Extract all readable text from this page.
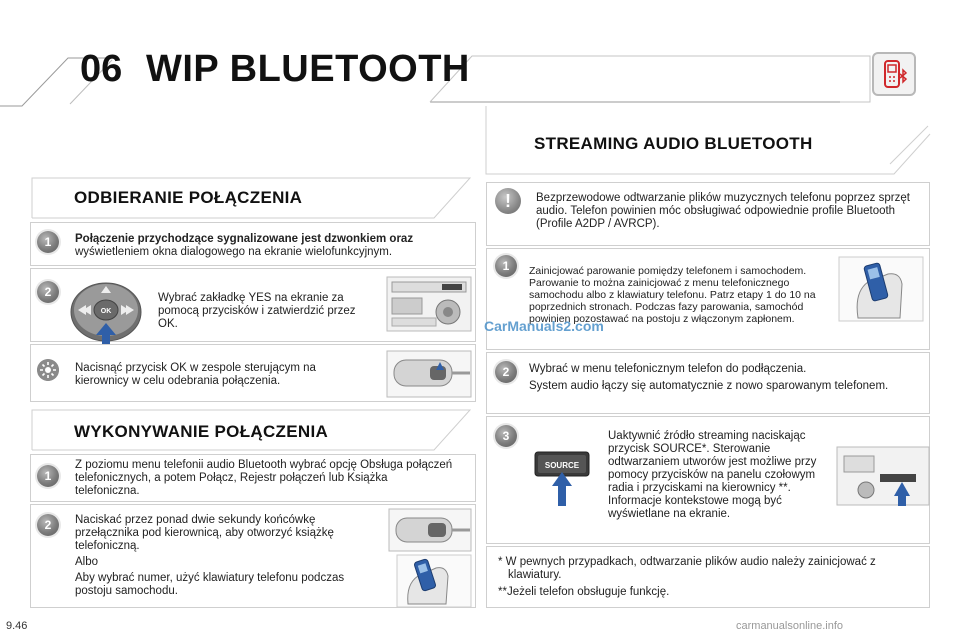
06 WIP BLUETOOTH
ODBIERANIE POŁĄCZENIA
1	Połączenie przychodzące sygnalizowane jest dzwonkiem oraz
wyświetleniem okna dialogowego na ekranie wielofunkcyjnym.
2
OK
Wybrać zakładkę YES na ekranie za pomocą przycisków i zatwierdzić przez OK.
Nacisnąć przycisk OK w zespole sterującym na kierownicy w celu odebrania połączenia.
WYKONYWANIE POŁĄCZENIA
1
Z poziomu menu telefonii audio Bluetooth wybrać opcję Obsługa połączeń telefonicznych, a potem Połącz, Rejestr połączeń lub Książka telefoniczna.
2	Naciskać przez ponad dwie sekundy końcówkę przełącznika pod kierownicą, aby otworzyć książkę telefoniczną.
Albo
Aby wybrać numer, użyć klawiatury telefonu podczas postoju samochodu.
STREAMING AUDIO BLUETOOTH
!	Bezprzewodowe odtwarzanie plików muzycznych telefonu poprzez sprzęt audio. Telefon powinien móc obsługiwać odpowiednie profile Bluetooth (Profile A2DP / AVRCP).
1	Zainicjować parowanie pomiędzy telefonem i samochodem. Parowanie to można zainicjować z menu telefonicznego samochodu albo z klawiatury telefonu. Patrz etapy 1 do 10 na poprzednich stronach. Podczas fazy parowania, samochód powinien pozostawać na postoju z włączonym zapłonem.
CarManuals2.com
2	Wybrać w menu telefonicznym telefon do podłączenia.
System audio łączy się automatycznie z nowo sparowanym telefonem.
3
SOURCE
Uaktywnić źródło streaming naciskając przycisk SOURCE*. Sterowanie odtwarzaniem utworów jest możliwe przy pomocy przycisków na panelu czołowym radia i przyciskami na kierownicy **. Informacje kontekstowe mogą być wyświetlane na ekranie.
* W pewnych przypadkach, odtwarzanie plików audio należy zainicjować z klawiatury.
**Jeżeli telefon obsługuje funkcję.
9.46	carmanualsonline.info
